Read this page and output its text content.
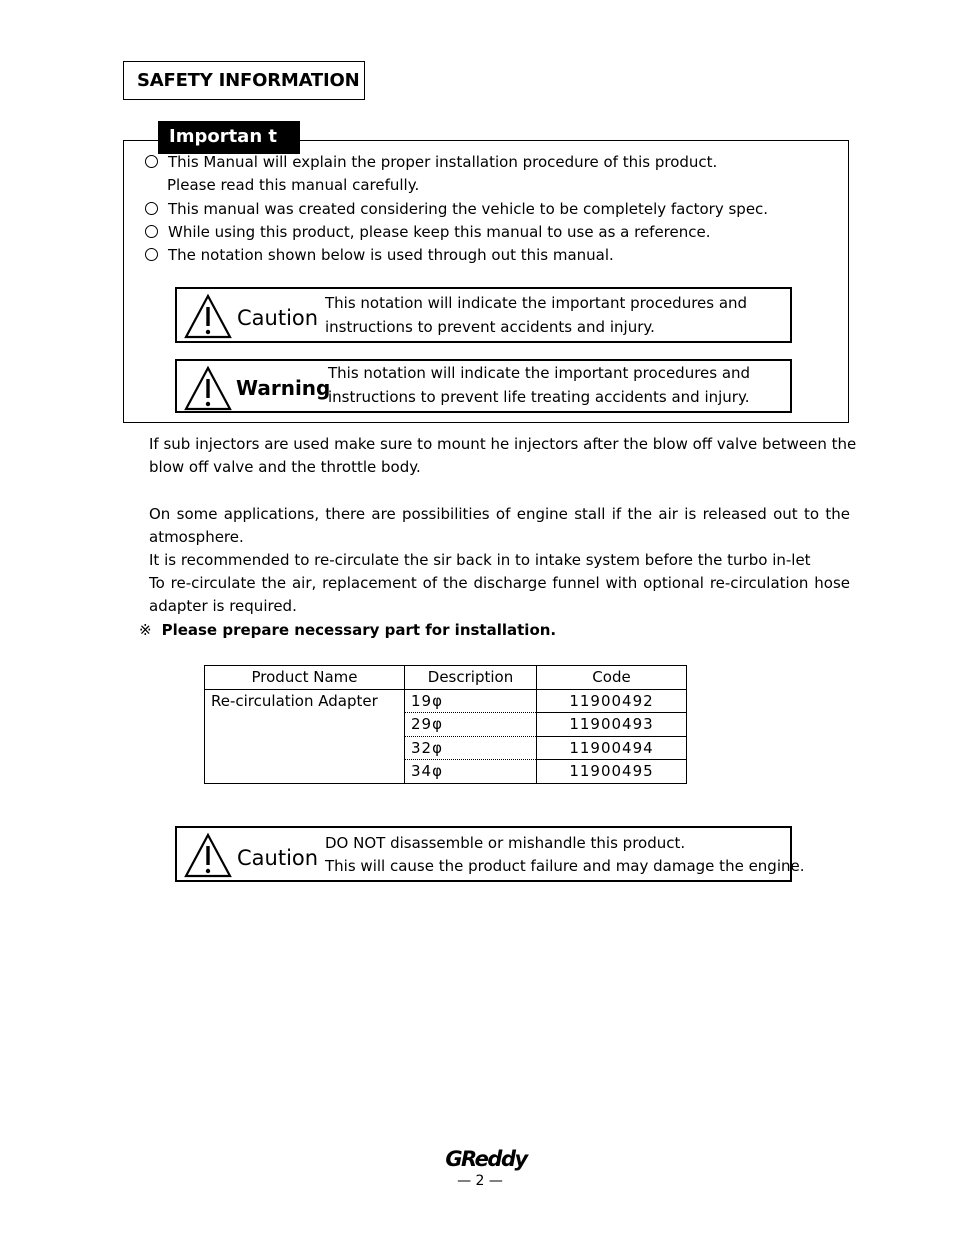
SAFETY INFORMATION
Importan t
This Manual will explain the proper installation procedure of this product.
Please read this manual carefully.
This manual was created considering the vehicle to be completely factory spec.
While using this product, please keep this manual to use as a reference.
The notation shown below is used through out this manual.
Caution
This notation will indicate the important procedures and
instructions to prevent accidents and injury.
Warning
This notation will indicate the important procedures and
instructions to prevent life treating accidents and injury.
If sub injectors are used make sure to mount he injectors after the blow off valve between the
blow off valve and the throttle body.
On some applications, there are possibilities of engine stall if the air is released out to the
atmosphere.
It is recommended to re-circulate the sir back in to intake system before the turbo in-let
To re-circulate the air, replacement of the discharge funnel with optional re-circulation hose
adapter is required.
※ Please prepare necessary part for installation.
Product Name	Description	Code
Re-circulation Adapter	19φ	11900492
	29φ	11900493
	32φ	11900494
	34φ	11900495
Caution
DO NOT disassemble or mishandle this product.
This will cause the product failure and may damage the engine.
GReddy
— 2 —
